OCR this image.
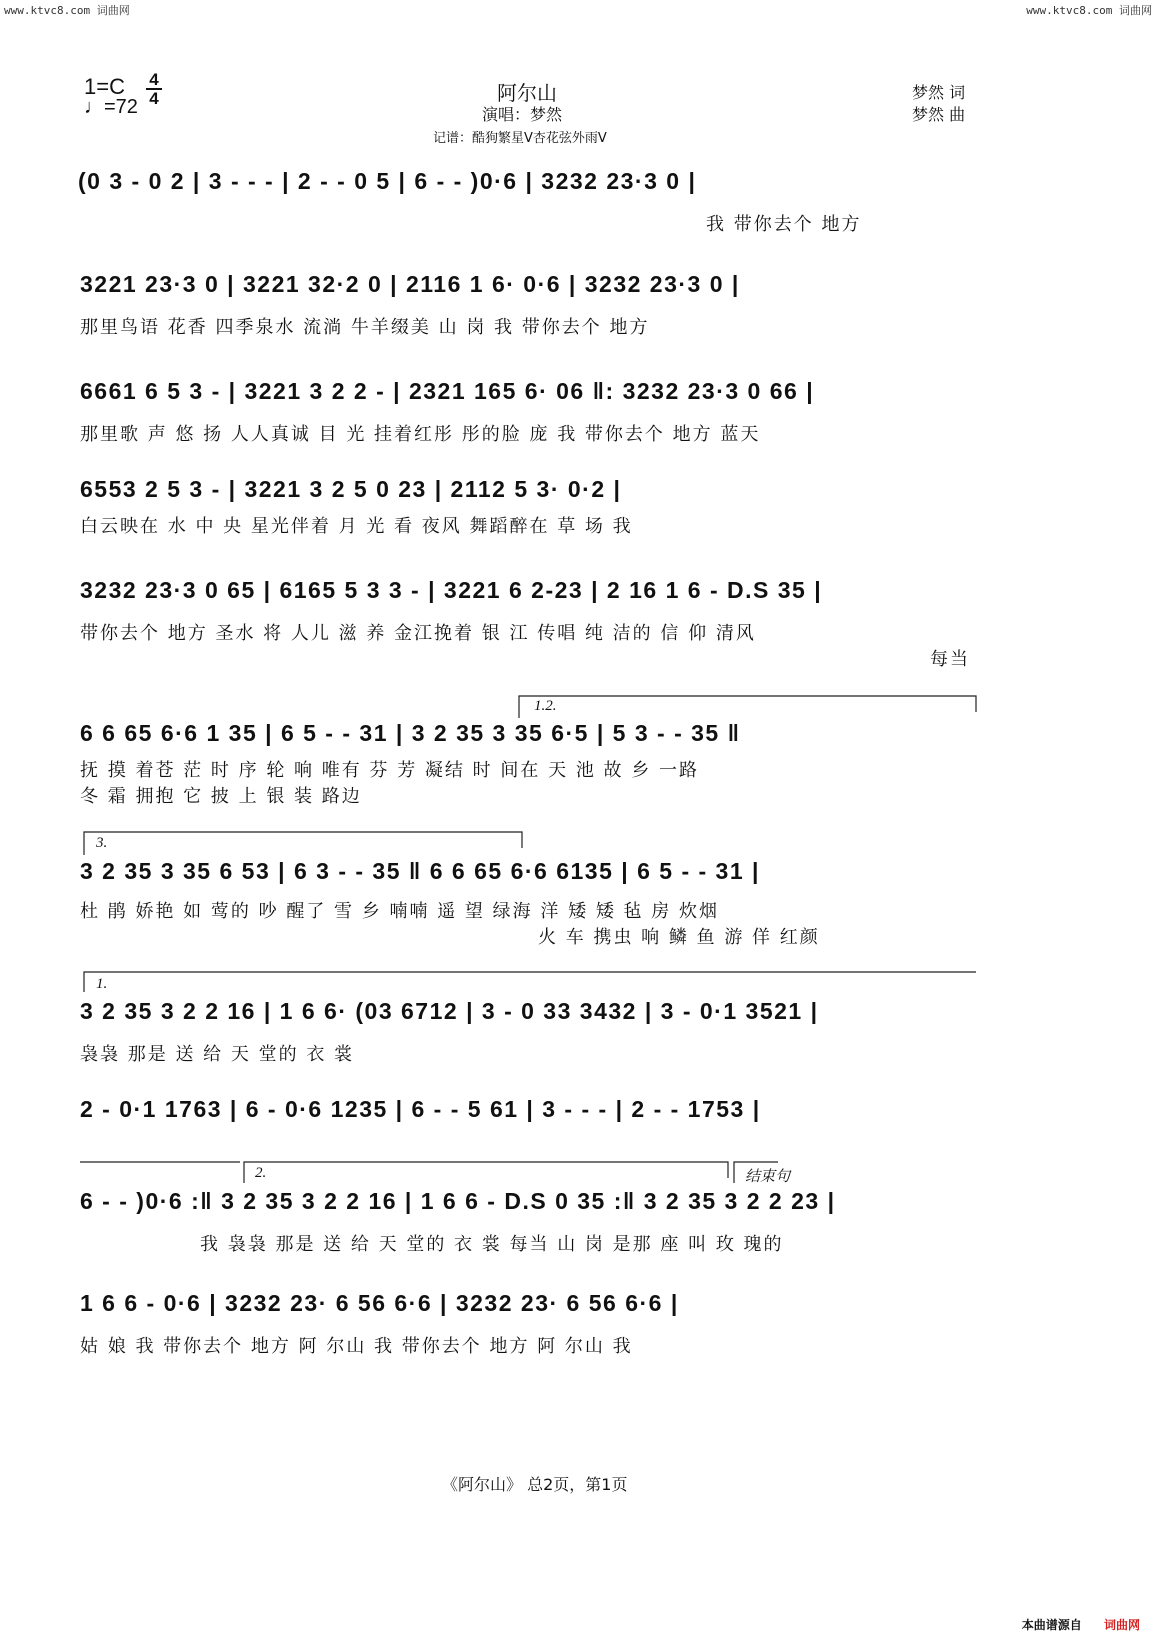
www.ktvc8.com 词曲网	www.ktvc8.com 词曲网
1=C
♩=72
4
4	阿尔山
演唱：梦然
记谱：酷狗繁星V杏花弦外雨V
梦然 词
梦然 曲
(0 3 - 0 2 | 3 - - - | 2 - - 0 5 | 6 - - )0·6 | 3232 23·3 0 |
我 带你去个 地方
3221 23·3 0 | 3221 32·2 0 | 2116 1 6· 0·6 | 3232 23·3 0 |
那里鸟语 花香 四季泉水 流淌 牛羊缀美 山 岗 我 带你去个 地方
6661 6 5 3 - | 3221 3 2 2 - | 2321 165 6· 06 ‖: 3232 23·3 0 66 |
那里歌 声 悠 扬 人人真诚 目 光 挂着红彤 彤的脸 庞 我 带你去个 地方 蓝天
6553 2 5 3 - | 3221 3 2 5 0 23 | 2112 5 3· 0·2 |
白云映在 水 中 央 星光伴着 月 光 看 夜风 舞蹈醉在 草 场 我
3232 23·3 0 65 | 6165 5 3 3 - | 3221 6 2-23 | 2 16 1 6 - D.S 35 |
带你去个 地方 圣水 将 人儿 滋 养 金江挽着 银 江 传唱 纯 洁的 信 仰 清风
每当
1.2.
6 6 65 6·6 1 35 | 6 5 - - 31 | 3 2 35 3 35 6·5 | 5 3 - - 35 ‖
抚 摸 着苍 茫 时 序 轮 响 唯有 芬 芳 凝结 时 间在 天 池 故 乡 一路
冬 霜 拥抱 它 披 上 银 装 路边
3.
3 2 35 3 35 6 53 | 6 3 - - 35 ‖ 6 6 65 6·6 6135 | 6 5 - - 31 |
杜 鹃 娇艳 如 莺的 吵 醒了 雪 乡 喃喃 遥 望 绿海 洋 矮 矮 毡 房 炊烟
火 车 携虫 响 鳞 鱼 游 佯 红颜
1.
3 2 35 3 2 2 16 | 1 6 6· (03 6712 | 3 - 0 33 3432 | 3 - 0·1 3521 |
袅袅 那是 送 给 天 堂的 衣 裳
2 - 0·1 1763 | 6 - 0·6 1235 | 6 - - 5 61 | 3 - - - | 2 - - 1753 |
2.	结束句
6 - - )0·6 :‖ 3 2 35 3 2 2 16 | 1 6 6 - D.S 0 35 :‖ 3 2 35 3 2 2 23 |
我 袅袅 那是 送 给 天 堂的 衣 裳 每当 山 岗 是那 座 叫 玫 瑰的
1 6 6 - 0·6 | 3232 23· 6 56 6·6 | 3232 23· 6 56 6·6 |
姑 娘 我 带你去个 地方 阿 尔山 我 带你去个 地方 阿 尔山 我
《阿尔山》 总2页，第1页
本曲谱源自 词曲网
